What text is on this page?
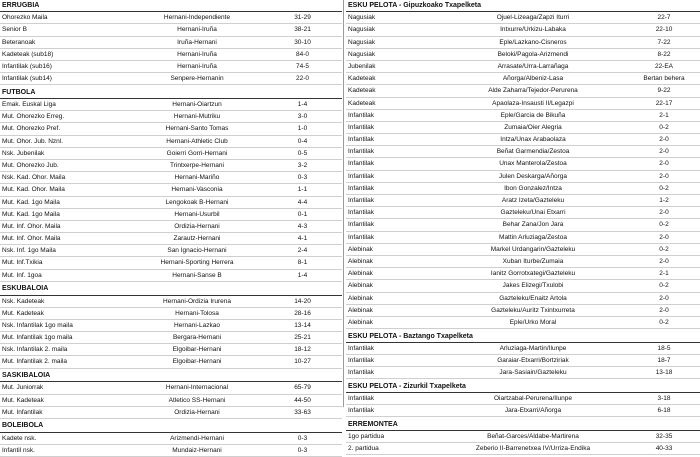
ERRUGBIA
Ohorezko Maila	Hernani-Independiente	31-29
Senior B	Hernani-Iruña	38-21
Beteranoak	Iruña-Hernani	30-10
Kadeteak (sub18)	Hernani-Iruña	84-0
Infantilak (sub16)	Hernani-Iruña	74-5
Infantilak (sub14)	Senpere-Hernanin	22-0
FUTBOLA
Emak. Euskal Liga	Hernani-Oiartzun	1-4
Mut. Ohorezko Erreg.	Hernani-Mutriku	3-0
Mut. Ohorezko Pref.	Hernani-Santo Tomas	1-0
Mut. Ohor. Jub. Nznl.	Hernani-Athletic Club	0-4
Nsk. Jubenilak	Goierri Gorri-Hernani	0-5
Mut. Ohorezko Jub.	Trintxerpe-Hernani	3-2
Nsk. Kad. Ohor. Maila	Hernani-Mariño	0-3
Mut. Kad. Ohor. Maila	Hernani-Vasconia	1-1
Mut. Kad. 1go Maila	Lengokoak B-Hernani	4-4
Mut. Kad. 1go Maila	Hernani-Usurbil	0-1
Mut. Inf. Ohor. Maila	Ordizia-Hernani	4-3
Mut. Inf. Ohor. Maila	Zarautz-Hernani	4-1
Nsk. Inf. 1go Maila	San Ignacio-Hernani	2-4
Mut. Inf.Txikia	Hernani-Sporting Herrera	8-1
Mut. Inf. 1goa	Hernani-Sanse B	1-4
ESKUBALOIA
Nsk. Kadeteak	Hernani-Ordizia Irurena	14-20
Mut. Kadeteak	Hernani-Tolosa	28-16
Nsk. Infantilak 1go maila	Hernani-Lazkao	13-14
Mut. Infantilak 1go maila	Bergara-Hernani	25-21
Nsk. Infantilak 2. maila	Elgoibar-Hernani	18-12
Mut. Infantilak 2. maila	Elgoibar-Hernani	10-27
SASKIBALOIA
Mut. Juniorrak	Hernani-Internacional	65-79
Mut. Kadeteak	Atletico SS-Hernani	44-50
Mut. Infantilak	Ordizia-Hernani	33-63
BOLEIBOLA
Kadete nsk.	Arizmendi-Hernani	0-3
Infantil nsk.	Mundaiz-Hernani	0-3
ESKU PELOTA - Gipuzkoako Txapelketa
Nagusiak	Ojuel-Lizeaga/Zapzi Iturri	22-7
Nagusiak	Intxurre/Urkizu-Labaka	22-10
Nagusiak	Eple/Lazkano-Cisneros	7-22
Nagusiak	Beloki/Pagola-Arizmendi	8-22
Jubenilak	Arrasate/Urra-Larrañaga	22-EA
Kadeteak	Añorga/Albeniz-Lasa	Bertan behera
Kadeteak	Alde Zaharra/Tejedor-Perurena	9-22
Kadeteak	Apaolaza-Insausti II/Legazpi	22-17
Infantilak	Eple/Garcia de Bikuña	2-1
Infantilak	Zumaia/Oier Alegria	0-2
Infantilak	Intza/Unax Arabaolaza	2-0
Infantilak	Beñat Garmendia/Zestoa	2-0
Infantilak	Unax Manterola/Zestoa	2-0
Infantilak	Julen Deskarga/Añorga	2-0
Infantilak	Ibon Gonzalez/Intza	0-2
Infantilak	Aratz Izeta/Gazteleku	1-2
Infantilak	Gazteleku/Unai Etxarri	2-0
Infantilak	Behar Zana/Jon Jara	0-2
Infantilak	Mattin Arluziaga/Zestoa	2-0
Alebinak	Markel Urdangarin/Gazteleku	0-2
Alebinak	Xuban Iturbe/Zumaia	2-0
Alebinak	Ianitz Gorrotxategi/Gazteleku	2-1
Alebinak	Jakes Elizegi/Txulobi	0-2
Alebinak	Gazteleku/Enaitz Artola	2-0
Alebinak	Gazteleku/Auritz Txintxurreta	2-0
Alebinak	Eple/Urko Moral	0-2
ESKU PELOTA - Baztango Txapelketa
Infantilak	Arluziaga-Martin/Ilunpe	18-5
Infantilak	Garaiar-Etxarri/Bortziriak	18-7
Infantilak	Jara-Sasiain/Gazteleku	13-18
ESKU PELOTA - Zizurkil Txapelketa
Infantilak	Oiartzabal-Perurena/Ilunpe	3-18
Infantilak	Jara-Etxarri/Añorga	6-18
ERREMONTEA
1go partidua	Beñat-Garces/Aldabe-Martirena	32-35
2. partidua	Zeberio II-Barrenetxea IV/Urriza-Endika	40-33
